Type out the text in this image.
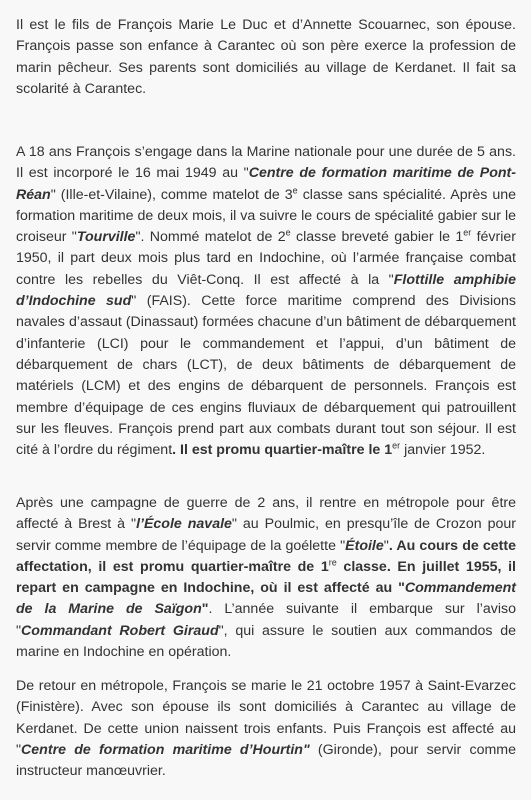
Il est le fils de François Marie Le Duc et d’Annette Scouarnec, son épouse. François passe son enfance à Carantec où son père exerce la profession de marin pêcheur. Ses parents sont domiciliés au village de Kerdanet. Il fait sa scolarité à Carantec.

A 18 ans François s’engage dans la Marine nationale pour une durée de 5 ans. Il est incorporé le 16 mai 1949 au "Centre de formation maritime de Pont-Réan" (Ille-et-Vilaine), comme matelot de 3e classe sans spécialité. Après une formation maritime de deux mois, il va suivre le cours de spécialité gabier sur le croiseur "Tourville". Nommé matelot de 2e classe breveté gabier le 1er février 1950, il part deux mois plus tard en Indochine, où l’armée française combat contre les rebelles du Viêt-Conq. Il est affecté à la "Flottille amphibie d’Indochine sud" (FAIS). Cette force maritime comprend des Divisions navales d’assaut (Dinassaut) formées chacune d’un bâtiment de débarquement d’infanterie (LCI) pour le commandement et l’appui, d’un bâtiment de débarquement de chars (LCT), de deux bâtiments de débarquement de matériels (LCM) et des engins de débarquent de personnels. François est membre d’équipage de ces engins fluviaux de débarquement qui patrouillent sur les fleuves. François prend part aux combats durant tout son séjour. Il est cité à l’ordre du régiment. Il est promu quartier-maître le 1er janvier 1952.

Après une campagne de guerre de 2 ans, il rentre en métropole pour être affecté à Brest à "l’École navale" au Poulmic, en presqu’île de Crozon pour servir comme membre de l’équipage de la goélette "Étoile". Au cours de cette affectation, il est promu quartier-maître de 1re classe. En juillet 1955, il repart en campagne en Indochine, où il est affecté au "Commandement de la Marine de Saïgon". L’année suivante il embarque sur l’aviso "Commandant Robert Giraud", qui assure le soutien aux commandos de marine en Indochine en opération.

De retour en métropole, François se marie le 21 octobre 1957 à Saint-Evarzec (Finistère). Avec son épouse ils sont domiciliés à Carantec au village de Kerdanet. De cette union naissent trois enfants. Puis François est affecté au "Centre de formation maritime d’Hourtin" (Gironde), pour servir comme instructeur manœuvrier.
